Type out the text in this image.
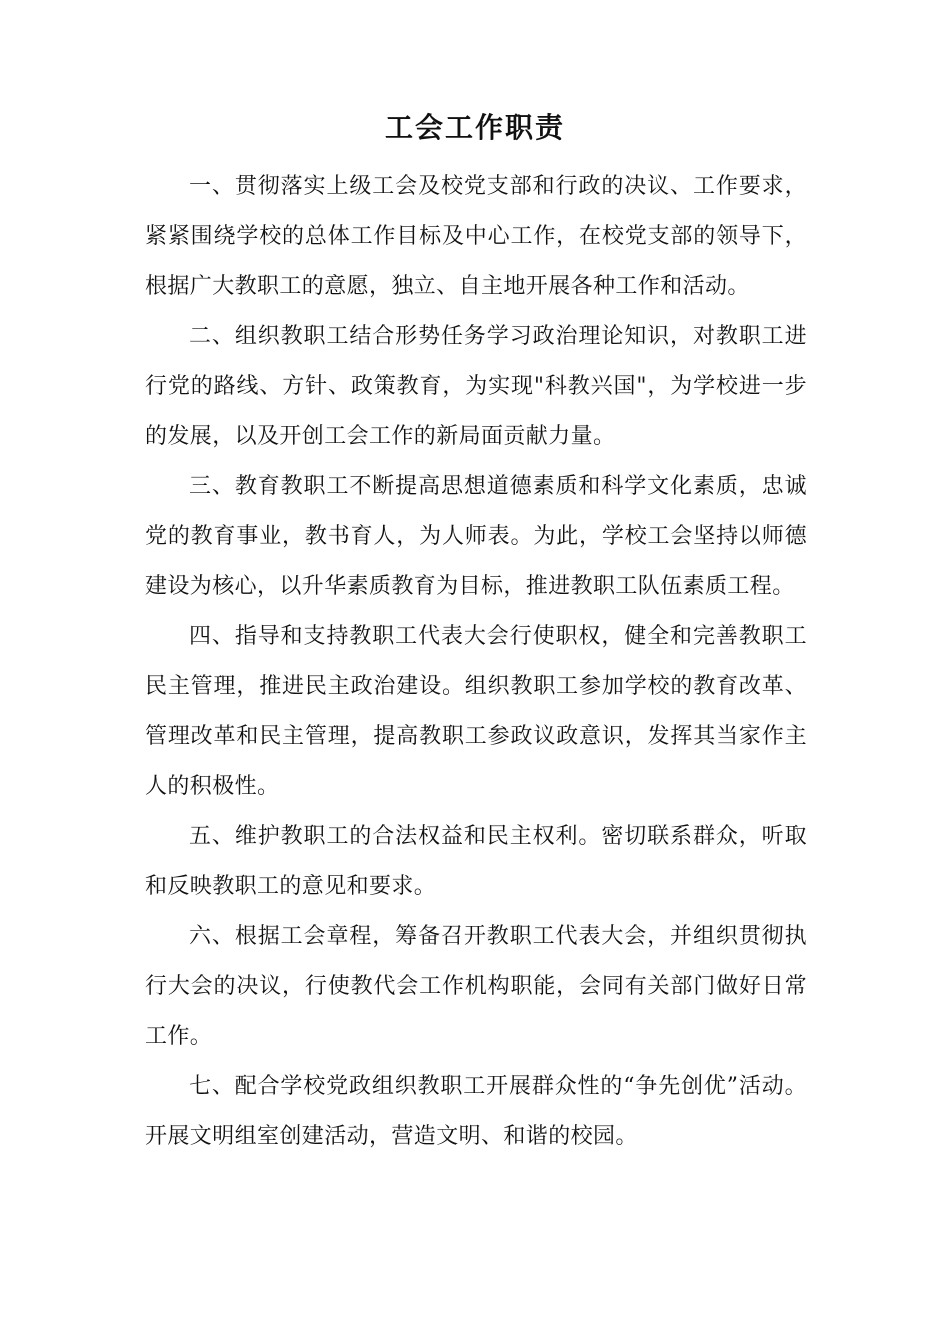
工会工作职责

一、贯彻落实上级工会及校党支部和行政的决议、工作要求，紧紧围绕学校的总体工作目标及中心工作，在校党支部的领导下，根据广大教职工的意愿，独立、自主地开展各种工作和活动。

二、组织教职工结合形势任务学习政治理论知识，对教职工进行党的路线、方针、政策教育，为实现"科教兴国"，为学校进一步的发展，以及开创工会工作的新局面贡献力量。

三、教育教职工不断提高思想道德素质和科学文化素质，忠诚党的教育事业，教书育人，为人师表。为此，学校工会坚持以师德建设为核心，以升华素质教育为目标，推进教职工队伍素质工程。

四、指导和支持教职工代表大会行使职权，健全和完善教职工民主管理，推进民主政治建设。组织教职工参加学校的教育改革、管理改革和民主管理，提高教职工参政议政意识，发挥其当家作主人的积极性。

五、维护教职工的合法权益和民主权利。密切联系群众，听取和反映教职工的意见和要求。

六、根据工会章程，筹备召开教职工代表大会，并组织贯彻执行大会的决议，行使教代会工作机构职能，会同有关部门做好日常工作。

七、配合学校党政组织教职工开展群众性的“争先创优”活动。开展文明组室创建活动，营造文明、和谐的校园。
